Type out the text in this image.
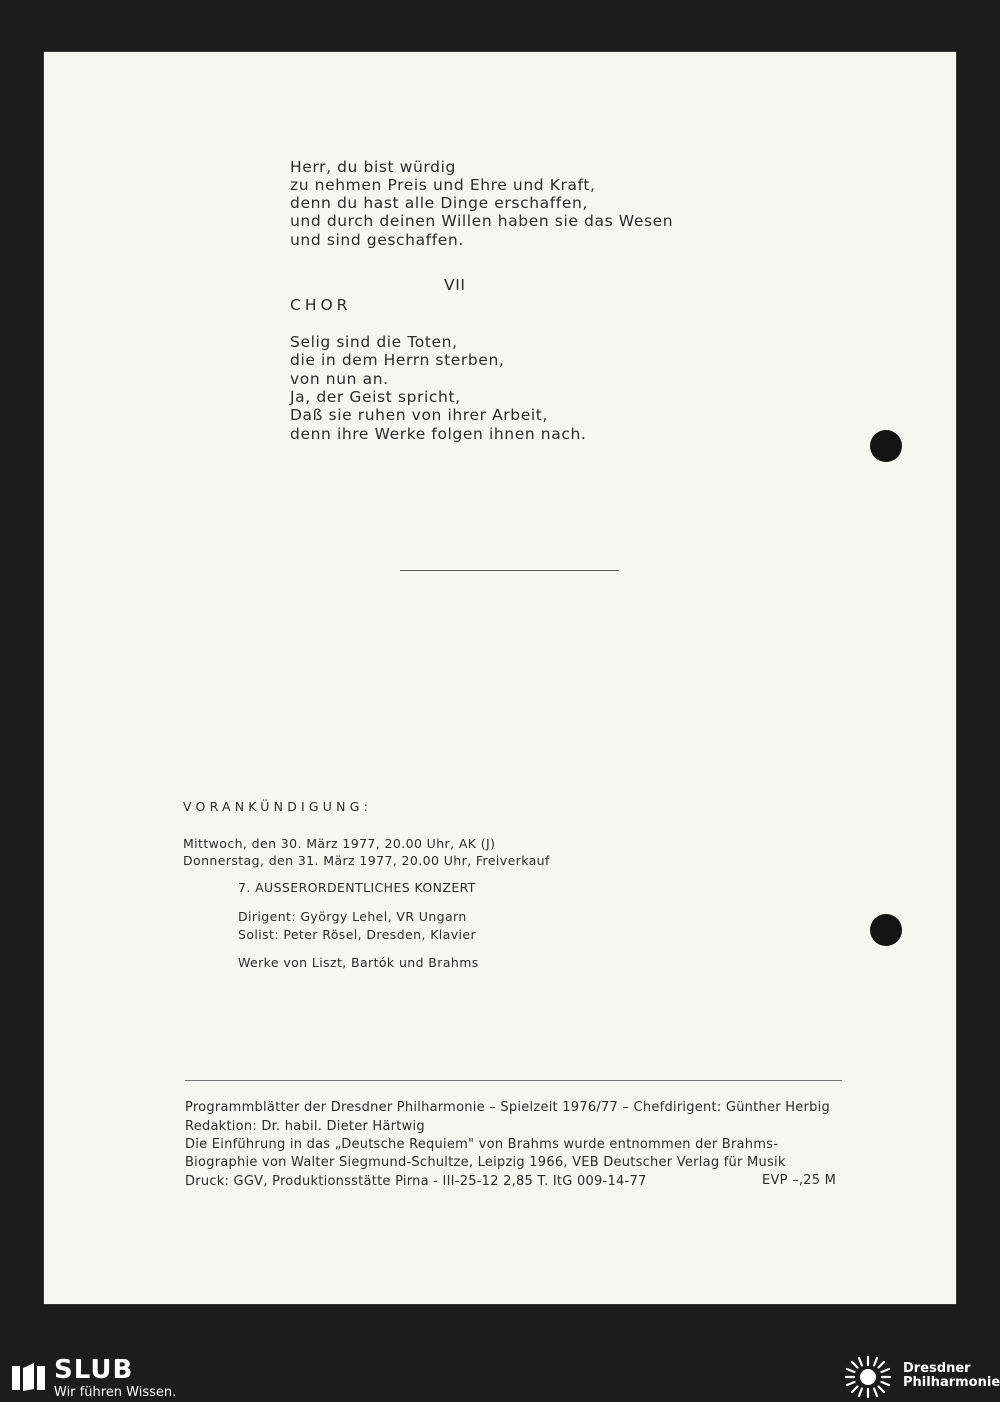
Herr, du bist würdig
zu nehmen Preis und Ehre und Kraft,
denn du hast alle Dinge erschaffen,
und durch deinen Willen haben sie das Wesen
und sind geschaffen.
VII
CHOR
Selig sind die Toten,
die in dem Herrn sterben,
von nun an.
Ja, der Geist spricht,
Daß sie ruhen von ihrer Arbeit,
denn ihre Werke folgen ihnen nach.
VORANKÜNDIGUNG:
Mittwoch, den 30. März 1977, 20.00 Uhr, AK (J)
Donnerstag, den 31. März 1977, 20.00 Uhr, Freiverkauf
7. AUSSERORDENTLICHES KONZERT
Dirigent: György Lehel, VR Ungarn
Solist: Peter Rösel, Dresden, Klavier
Werke von Liszt, Bartók und Brahms
Programmblätter der Dresdner Philharmonie – Spielzeit 1976/77 – Chefdirigent: Günther Herbig
Redaktion: Dr. habil. Dieter Härtwig
Die Einführung in das „Deutsche Requiem" von Brahms wurde entnommen der Brahms-
Biographie von Walter Siegmund-Schultze, Leipzig 1966, VEB Deutscher Verlag für Musik
Druck: GGV, Produktionsstätte Pirna - III-25-12 2,85 T. ItG 009-14-77	EVP –,25 M
SLUB
Wir führen Wissen.
Dresdner
Philharmonie
